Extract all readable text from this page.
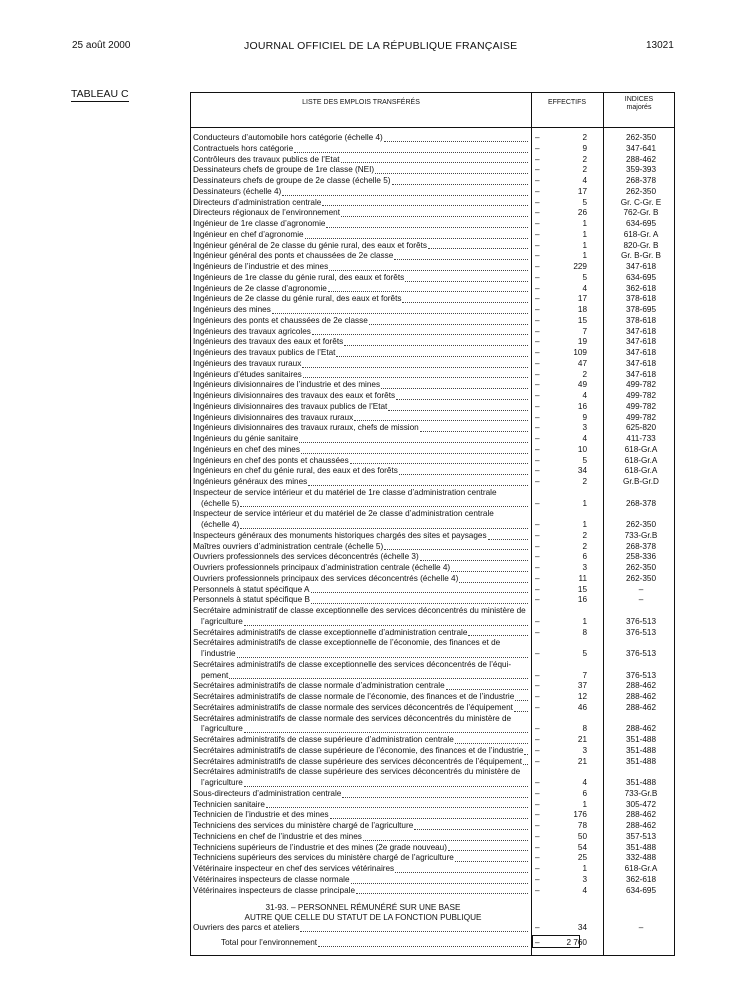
25 août 2000	JOURNAL OFFICIEL DE LA RÉPUBLIQUE FRANÇAISE	13021
TABLEAU C
LISTE DES EMPLOIS TRANSFÉRÉS	EFFECTIFS	INDICES
majorés
Conducteurs d’automobile hors catégorie (échelle 4)	– 2	262-350
Contractuels hors catégorie	– 9	347-641
Contrôleurs des travaux publics de l’Etat	– 2	288-462
Dessinateurs chefs de groupe de 1re classe (NEI)	– 2	359-393
Dessinateurs chefs de groupe de 2e classe (échelle 5)	– 4	268-378
Dessinateurs (échelle 4)	– 17	262-350
Directeurs d’administration centrale	– 5	Gr. C-Gr. E
Directeurs régionaux de l’environnement	– 26	762-Gr. B
Ingénieur de 1re classe d’agronomie	– 1	634-695
Ingénieur en chef d’agronomie	– 1	618-Gr. A
Ingénieur général de 2e classe du génie rural, des eaux et forêts	– 1	820-Gr. B
Ingénieur général des ponts et chaussées de 2e classe	– 1	Gr. B-Gr. B
Ingénieurs de l’industrie et des mines	– 229	347-618
Ingénieurs de 1re classe du génie rural, des eaux et forêts	– 5	634-695
Ingénieurs de 2e classe d’agronomie	– 4	362-618
Ingénieurs de 2e classe du génie rural, des eaux et forêts	– 17	378-618
Ingénieurs des mines	– 18	378-695
Ingénieurs des ponts et chaussées de 2e classe	– 15	378-618
Ingénieurs des travaux agricoles	– 7	347-618
Ingénieurs des travaux des eaux et forêts	– 19	347-618
Ingénieurs des travaux publics de l’Etat	– 109	347-618
Ingénieurs des travaux ruraux	– 47	347-618
Ingénieurs d’études sanitaires	– 2	347-618
Ingénieurs divisionnaires de l’industrie et des mines	– 49	499-782
Ingénieurs divisionnaires des travaux des eaux et forêts	– 4	499-782
Ingénieurs divisionnaires des travaux publics de l’Etat	– 16	499-782
Ingénieurs divisionnaires des travaux ruraux	– 9	499-782
Ingénieurs divisionnaires des travaux ruraux, chefs de mission	– 3	625-820
Ingénieurs du génie sanitaire	– 4	411-733
Ingénieurs en chef des mines	– 10	618-Gr.A
Ingénieurs en chef des ponts et chaussées	– 5	618-Gr.A
Ingénieurs en chef du génie rural, des eaux et des forêts	– 34	618-Gr.A
Ingénieurs généraux des mines	– 2	Gr.B-Gr.D
Inspecteur de service intérieur et du matériel de 1re classe d’administration centrale
(échelle 5)	– 1	268-378
Inspecteur de service intérieur et du matériel de 2e classe d’administration centrale
(échelle 4)	– 1	262-350
Inspecteurs généraux des monuments historiques chargés des sites et paysages	– 2	733-Gr.B
Maîtres ouvriers d’administration centrale (échelle 5)	– 2	268-378
Ouvriers professionnels des services déconcentrés (échelle 3)	– 6	258-336
Ouvriers professionnels principaux d’administration centrale (échelle 4)	– 3	262-350
Ouvriers professionnels principaux des services déconcentrés (échelle 4)	– 11	262-350
Personnels à statut spécifique A	– 15	–
Personnels à statut spécifique B	– 16	–
Secrétaire administratif de classe exceptionnelle des services déconcentrés du ministère de
l’agriculture	– 1	376-513
Secrétaires administratifs de classe exceptionnelle d’administration centrale	– 8	376-513
Secrétaires administratifs de classe exceptionnelle de l’économie, des finances et de
l’industrie	– 5	376-513
Secrétaires administratifs de classe exceptionnelle des services déconcentrés de l’équi-
pement	– 7	376-513
Secrétaires administratifs de classe normale d’administration centrale	– 37	288-462
Secrétaires administratifs de classe normale de l’économie, des finances et de l’industrie	– 12	288-462
Secrétaires administratifs de classe normale des services déconcentrés de l’équipement	– 46	288-462
Secrétaires administratifs de classe normale des services déconcentrés du ministère de
l’agriculture	– 8	288-462
Secrétaires administratifs de classe supérieure d’administration centrale	– 21	351-488
Secrétaires administratifs de classe supérieure de l’économie, des finances et de l’industrie	– 3	351-488
Secrétaires administratifs de classe supérieure des services déconcentrés de l’équipement	– 21	351-488
Secrétaires administratifs de classe supérieure des services déconcentrés du ministère de
l’agriculture	– 4	351-488
Sous-directeurs d’administration centrale	– 6	733-Gr.B
Technicien sanitaire	– 1	305-472
Technicien de l’industrie et des mines	– 176	288-462
Techniciens des services du ministère chargé de l’agriculture	– 78	288-462
Techniciens en chef de l’industrie et des mines	– 50	357-513
Techniciens supérieurs de l’industrie et des mines (2e grade nouveau)	– 54	351-488
Techniciens supérieurs des services du ministère chargé de l’agriculture	– 25	332-488
Vétérinaire inspecteur en chef des services vétérinaires	– 1	618-Gr.A
Vétérinaires inspecteurs de classe normale	– 3	362-618
Vétérinaires inspecteurs de classe principale	– 4	634-695
31-93. – PERSONNEL RÉMUNÉRÉ SUR UNE BASE
AUTRE QUE CELLE DU STATUT DE LA FONCTION PUBLIQUE
Ouvriers des parcs et ateliers	– 34	–
Total pour l’environnement	– 2 760
